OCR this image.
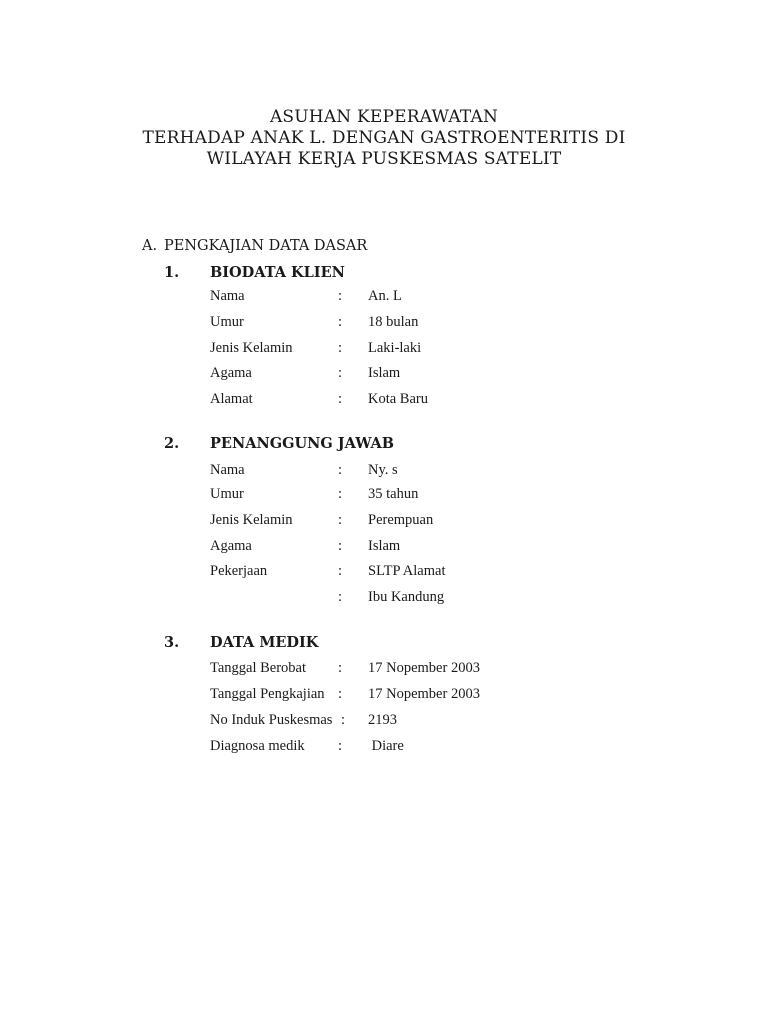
ASUHAN KEPERAWATAN
TERHADAP ANAK L. DENGAN GASTROENTERITIS DI
WILAYAH KERJA PUSKESMAS SATELIT
A. PENGKAJIAN DATA DASAR
1. BIODATA KLIEN
Nama	: An. L
Umur	: 18 bulan
Jenis Kelamin	: Laki-laki
Agama	: Islam
Alamat	: Kota Baru
2. PENANGGUNG JAWAB
Nama	: Ny. s
Umur	: 35 tahun
Jenis Kelamin	: Perempuan
Agama	: Islam
Pekerjaan	: SLTP Alamat
: Ibu Kandung
3. DATA MEDIK
Tanggal Berobat : 17 Nopember 2003
Tanggal Pengkajian : 17 Nopember 2003
No Induk Puskesmas : 2193
Diagnosa medik : Diare
